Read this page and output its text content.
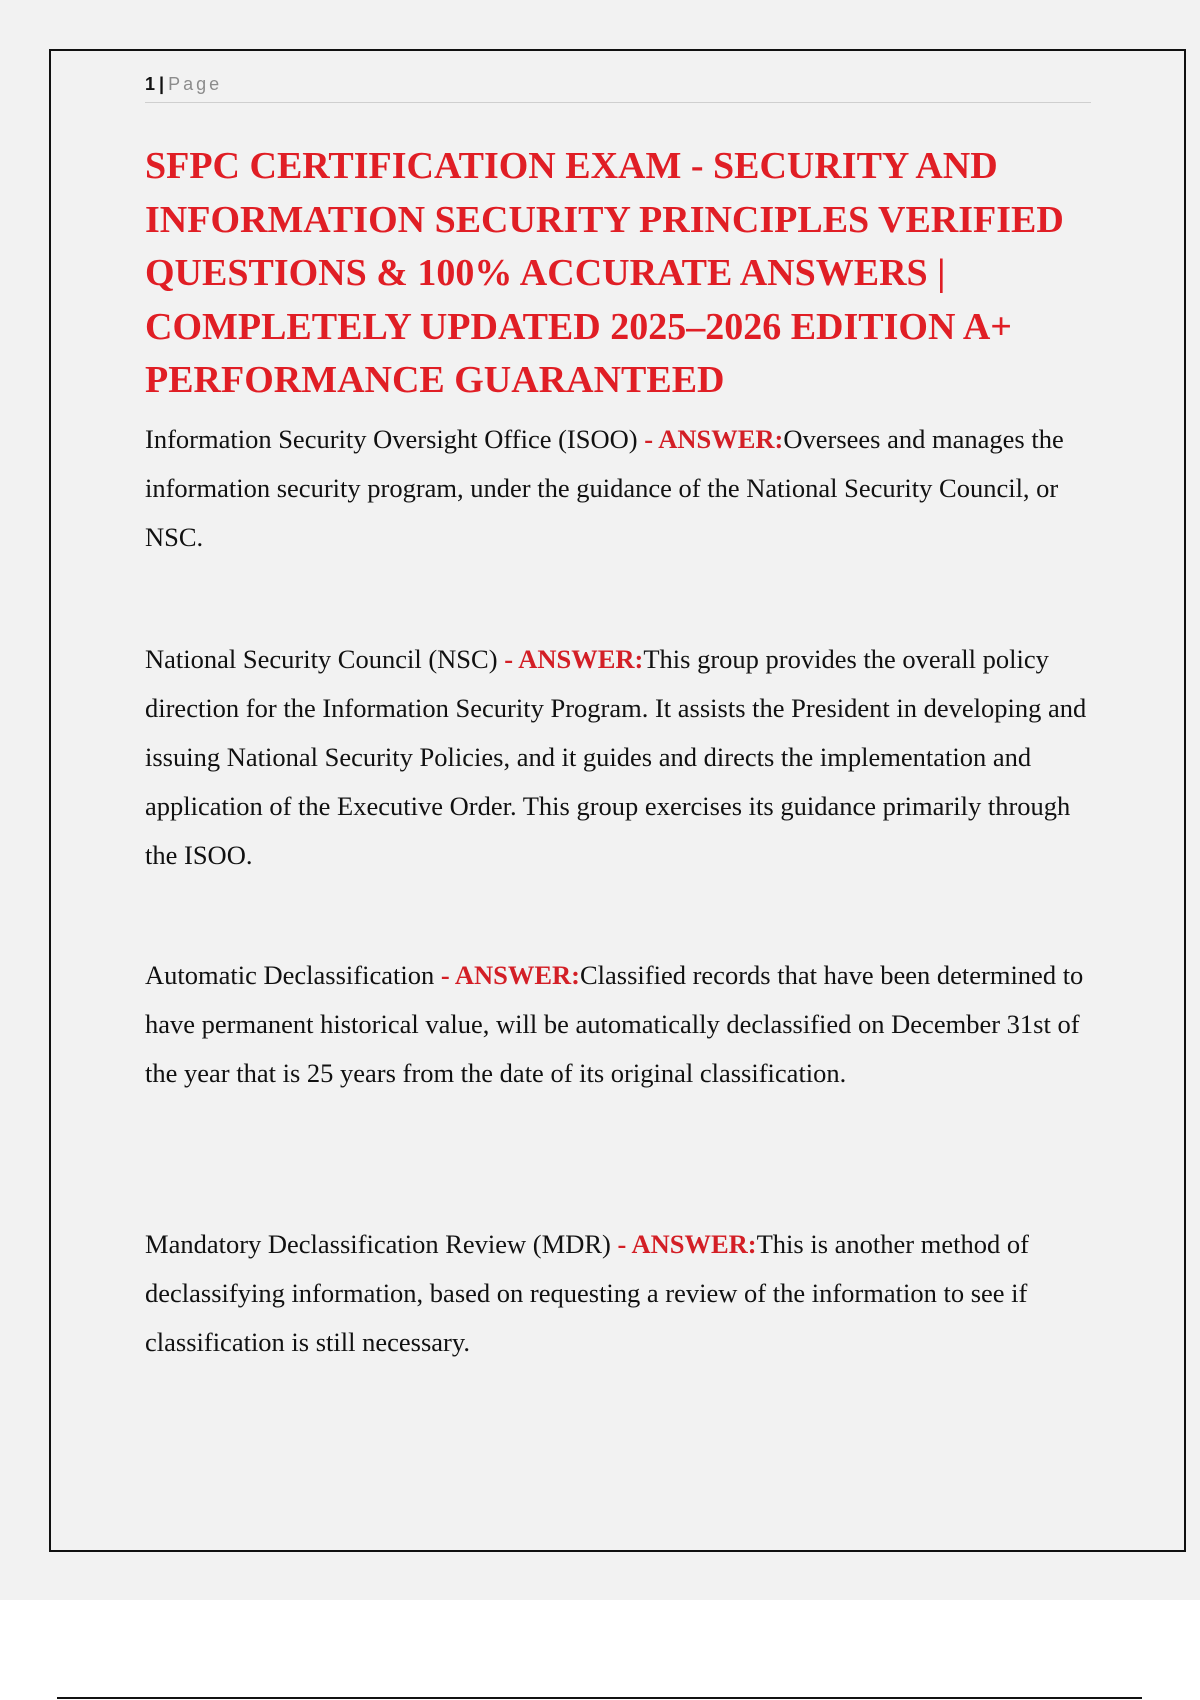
1 | Page
SFPC CERTIFICATION EXAM - SECURITY AND INFORMATION SECURITY PRINCIPLES VERIFIED QUESTIONS & 100% ACCURATE ANSWERS | COMPLETELY UPDATED 2025–2026 EDITION A+ PERFORMANCE GUARANTEED

Information Security Oversight Office (ISOO) - ANSWER:Oversees and manages the information security program, under the guidance of the National Security Council, or NSC.

National Security Council (NSC) - ANSWER:This group provides the overall policy direction for the Information Security Program. It assists the President in developing and issuing National Security Policies, and it guides and directs the implementation and application of the Executive Order. This group exercises its guidance primarily through the ISOO.

Automatic Declassification - ANSWER:Classified records that have been determined to have permanent historical value, will be automatically declassified on December 31st of the year that is 25 years from the date of its original classification.

Mandatory Declassification Review (MDR) - ANSWER:This is another method of declassifying information, based on requesting a review of the information to see if classification is still necessary.
